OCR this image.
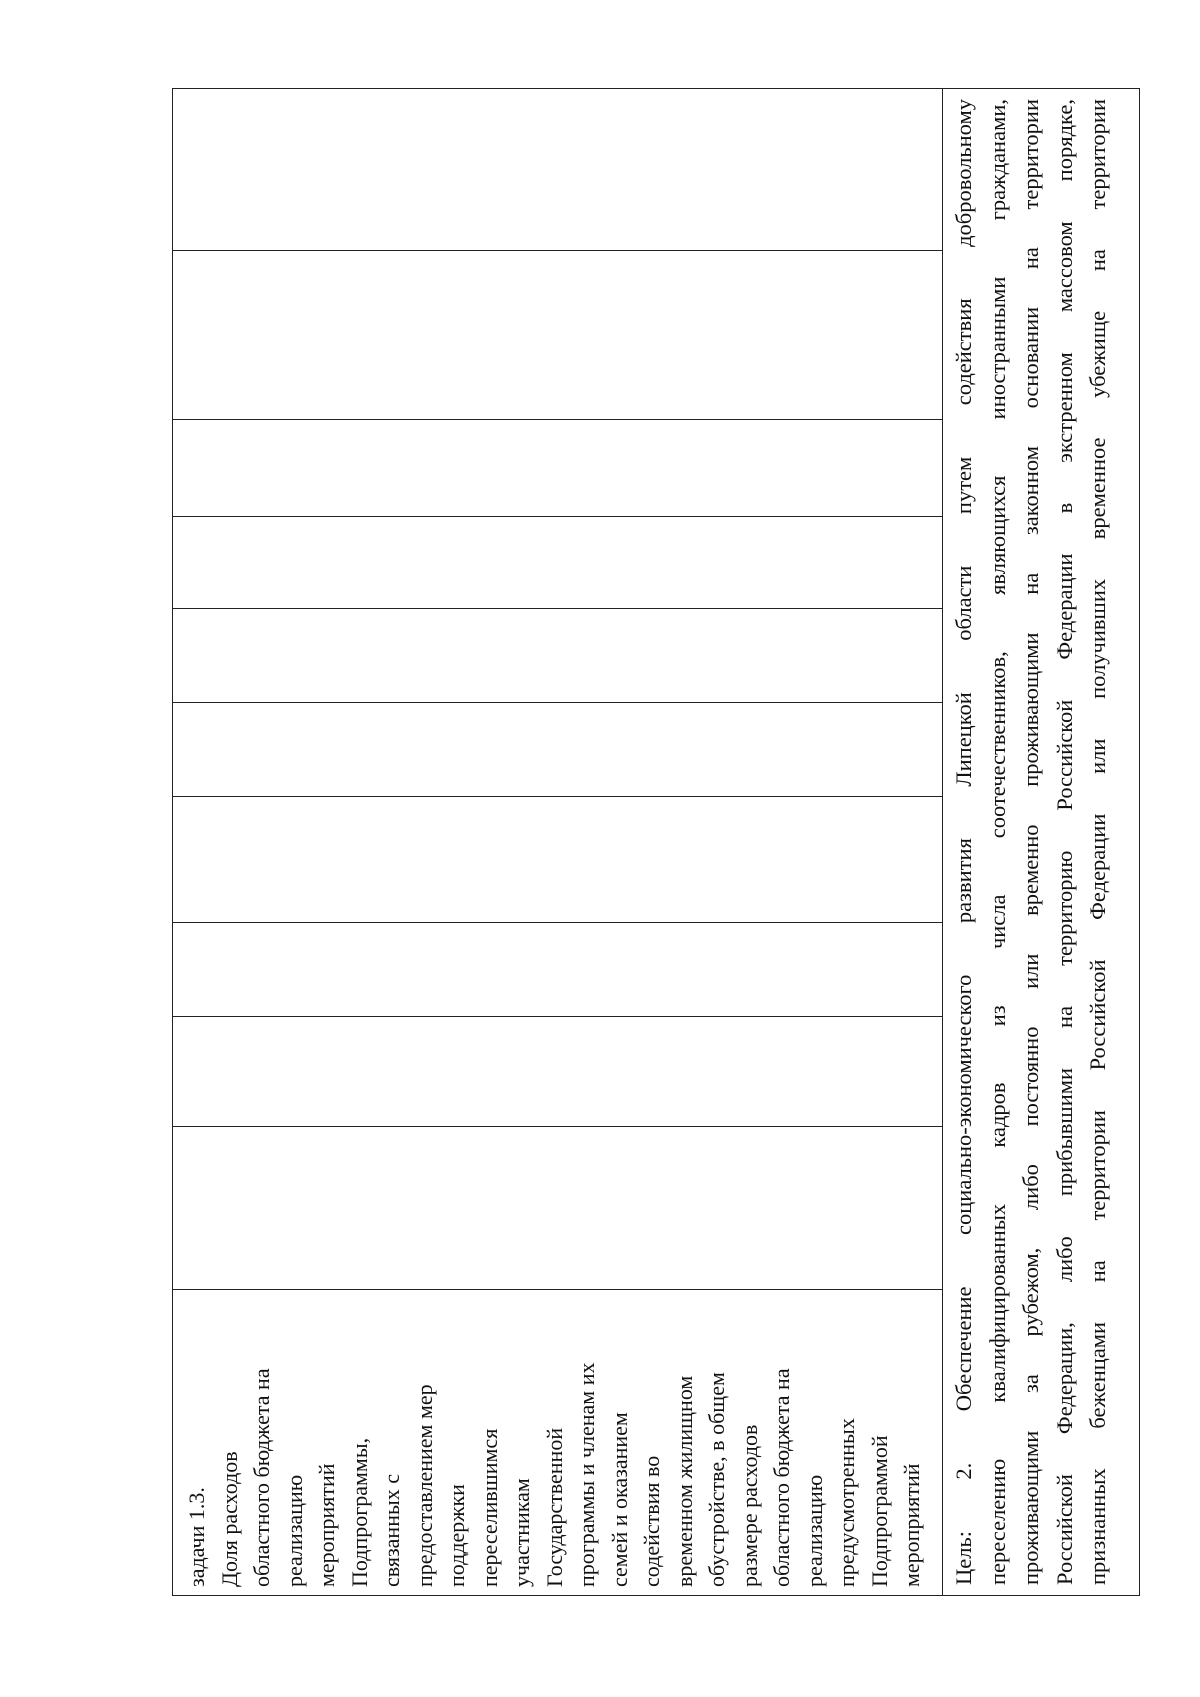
задачи 1.3. Доля расходов областного бюджета на реализацию мероприятий Подпрограммы, связанных с предоставлением мер поддержки переселившимся участникам Государственной программы и членам их семей и оказанием содействия во временном жилищном обустройстве, в общем размере расходов областного бюджета на реализацию предусмотренных Подпрограммой мероприятий Цель: 2. Обеспечение социально-экономического развития Липецкой области путем содействия добровольному переселению квалифицированных кадров из числа соотечественников, являющихся иностранными гражданами, проживающими за рубежом, либо постоянно или временно проживающими на законном основании на территории Российской Федерации, либо прибывшими на территорию Российской Федерации в экстренном массовом порядке, признанных беженцами на территории Российской Федерации или получивших временное убежище на территории
